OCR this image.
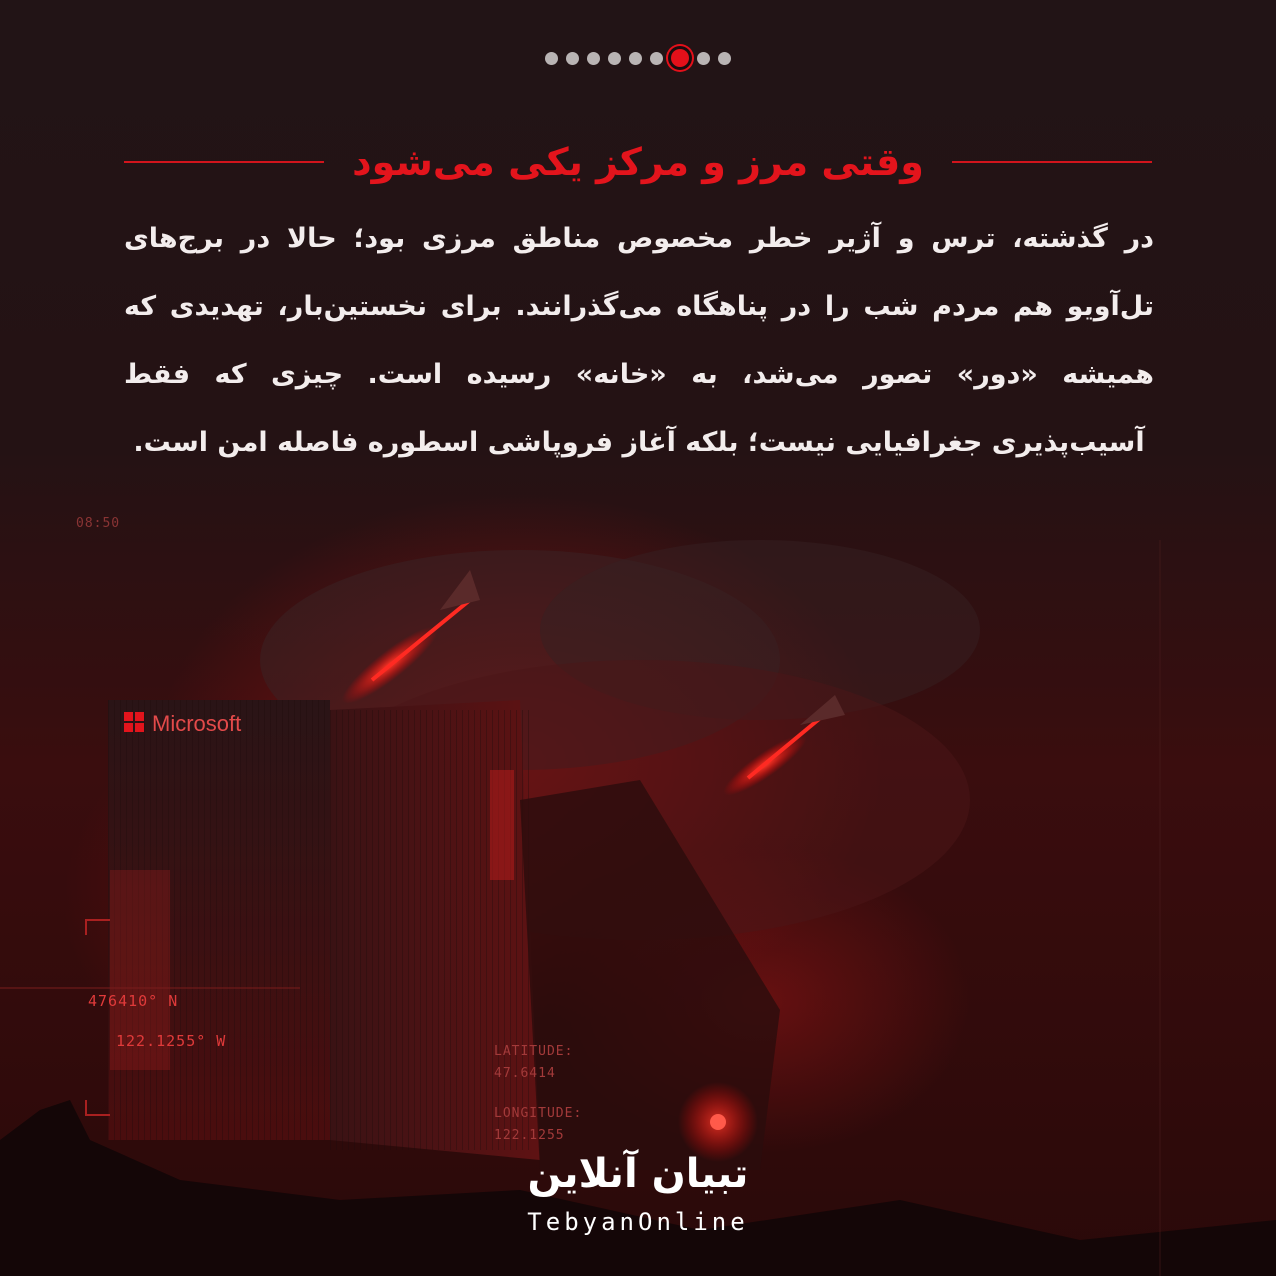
وقتی مرز و مرکز یکی می‌شود

در گذشته، ترس و آژیر خطر مخصوص مناطق مرزی بود؛ حالا در برج‌های تل‌آویو هم مردم شب را در پناهگاه می‌گذرانند. برای نخستین‌بار، تهدیدی که همیشه «دور» تصور می‌شد، به «خانه» رسیده است. چیزی که فقط آسیب‌پذیری جغرافیایی نیست؛ بلکه آغاز فروپاشی اسطوره فاصله امن است.

Microsoft
08:50
476410° N
122.1255° W
LATITUDE:
47.6414
LONGITUDE:
122.1255
تبیان آنلاین
TebyanOnline
